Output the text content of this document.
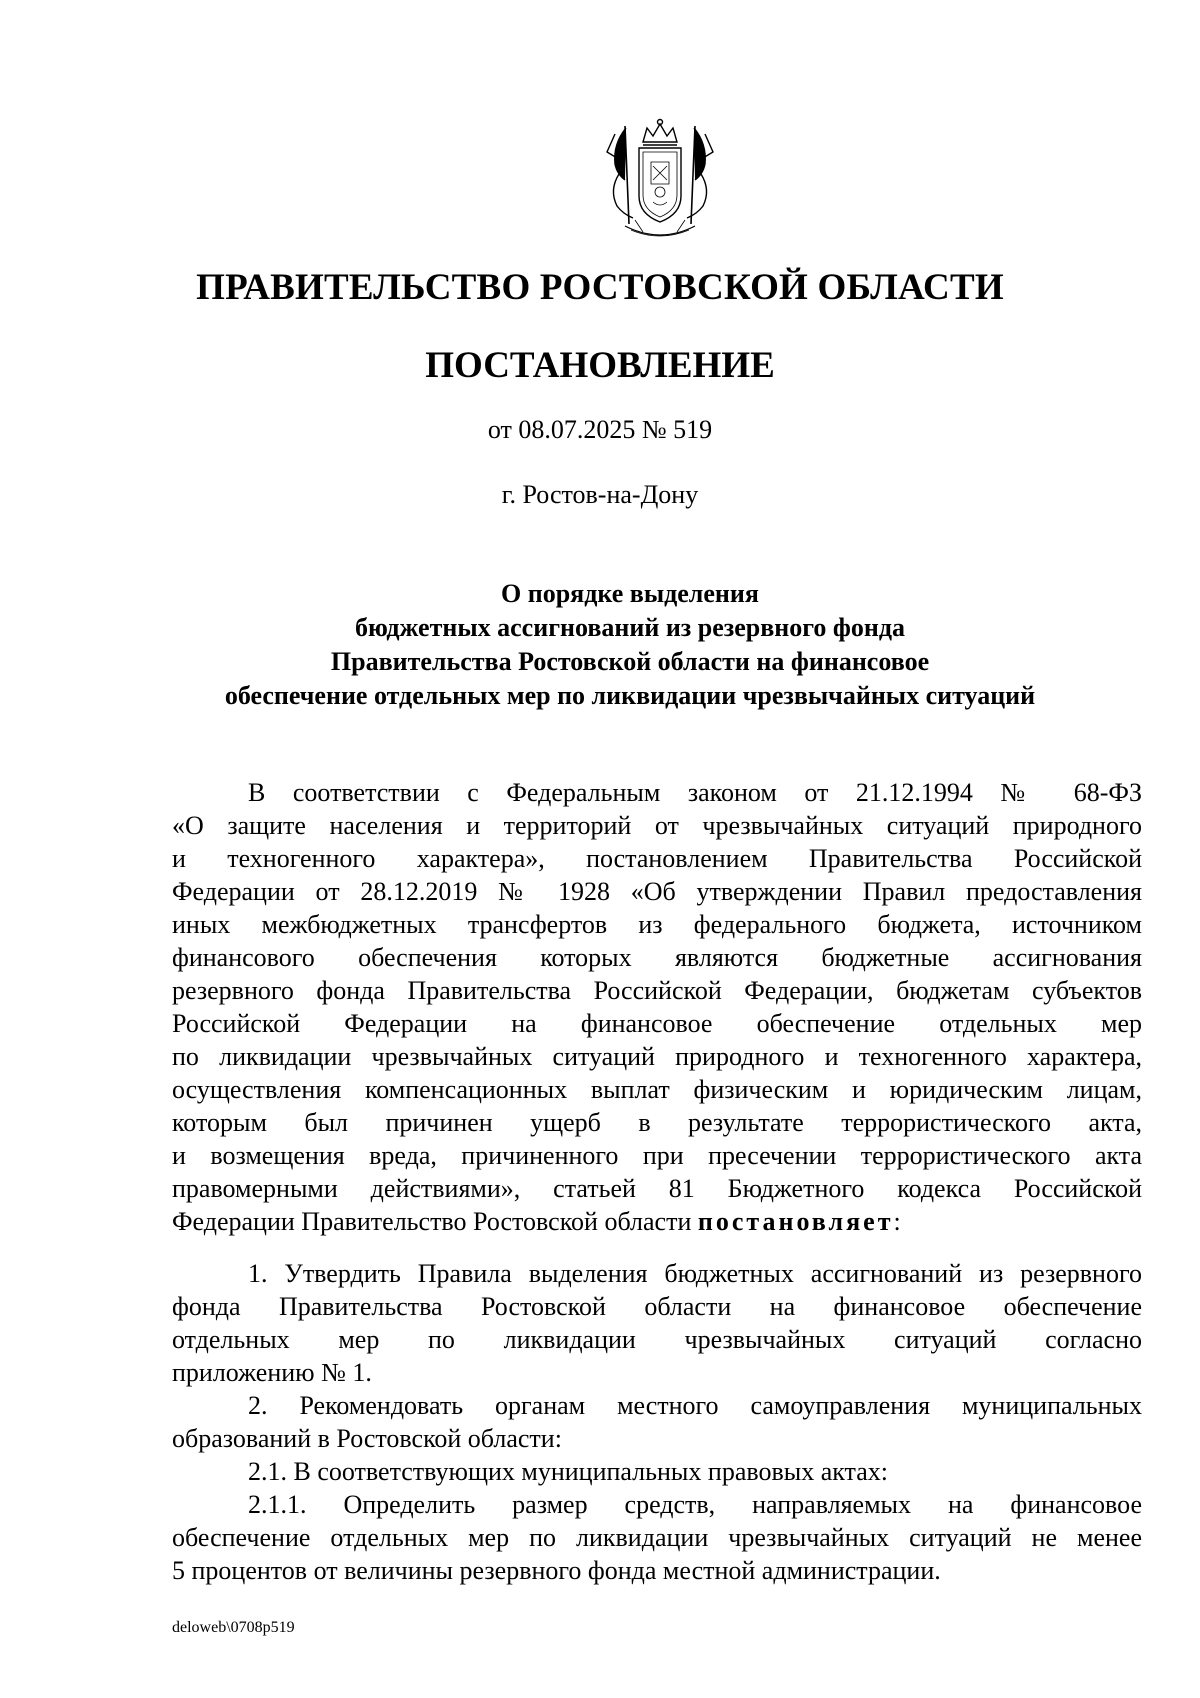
ПРАВИТЕЛЬСТВО РОСТОВСКОЙ ОБЛАСТИ
ПОСТАНОВЛЕНИЕ
от 08.07.2025 № 519
г. Ростов-на-Дону
О порядке выделения
бюджетных ассигнований из резервного фонда
Правительства Ростовской области на финансовое
обеспечение отдельных мер по ликвидации чрезвычайных ситуаций
В соответствии с Федеральным законом от 21.12.1994 № 68-ФЗ
«О защите населения и территорий от чрезвычайных ситуаций природного
и техногенного характера», постановлением Правительства Российской
Федерации от 28.12.2019 № 1928 «Об утверждении Правил предоставления
иных межбюджетных трансфертов из федерального бюджета, источником
финансового обеспечения которых являются бюджетные ассигнования
резервного фонда Правительства Российской Федерации, бюджетам субъектов
Российской Федерации на финансовое обеспечение отдельных мер
по ликвидации чрезвычайных ситуаций природного и техногенного характера,
осуществления компенсационных выплат физическим и юридическим лицам,
которым был причинен ущерб в результате террористического акта,
и возмещения вреда, причиненного при пресечении террористического акта
правомерными действиями», статьей 81 Бюджетного кодекса Российской
Федерации Правительство Ростовской области постановляет:
1. Утвердить Правила выделения бюджетных ассигнований из резервного
фонда Правительства Ростовской области на финансовое обеспечение
отдельных мер по ликвидации чрезвычайных ситуаций согласно
приложению № 1.
2. Рекомендовать органам местного самоуправления муниципальных
образований в Ростовской области:
2.1. В соответствующих муниципальных правовых актах:
2.1.1. Определить размер средств, направляемых на финансовое
обеспечение отдельных мер по ликвидации чрезвычайных ситуаций не менее
5 процентов от величины резервного фонда местной администрации.
deloweb\0708p519
